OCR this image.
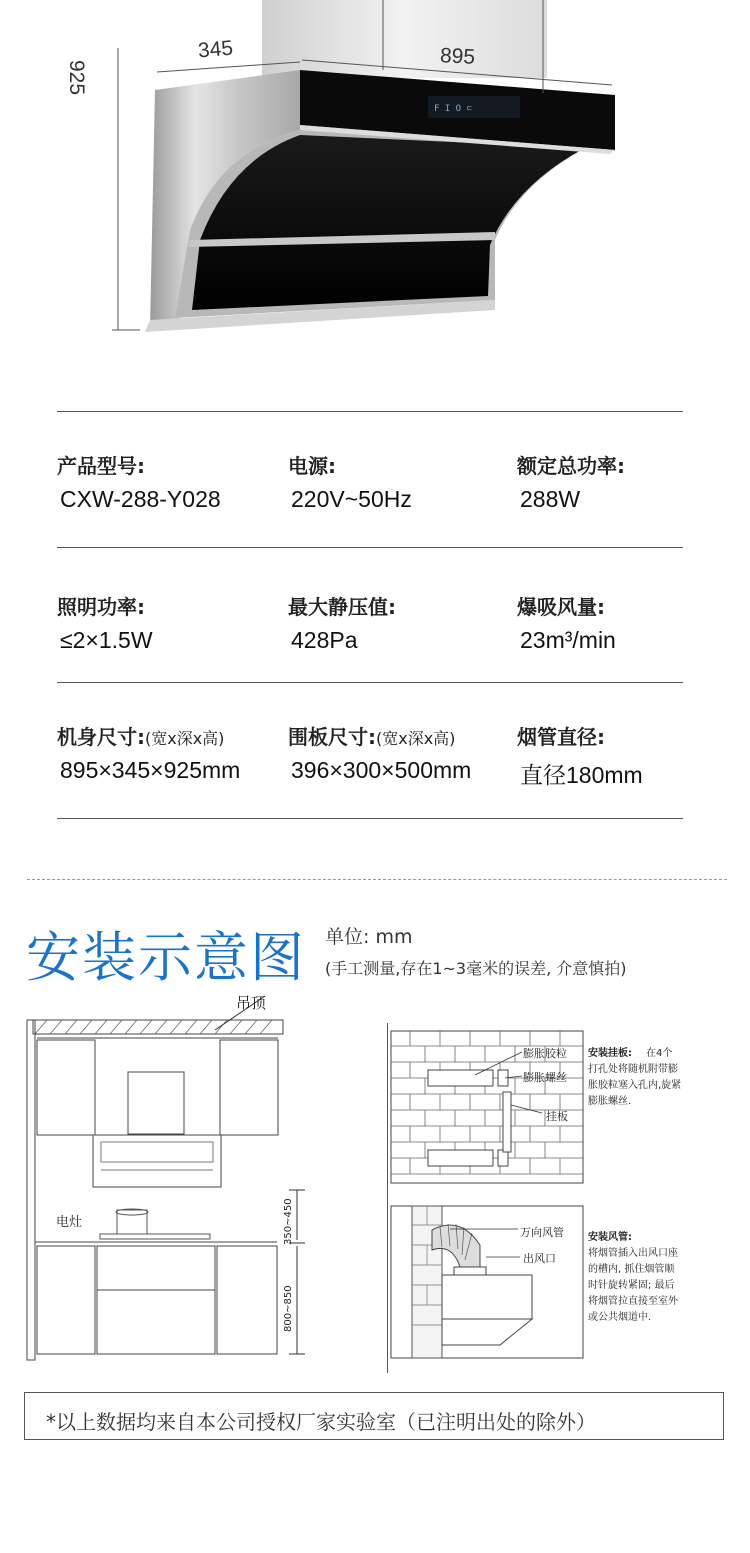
F I O ⊂
345	895
925
产品型号:
CXW-288-Y028
电源:
220V~50Hz
额定总功率:
288W
照明功率:
≤2×1.5W
最大静压值:
428Pa
爆吸风量:
23m³/min
机身尺寸:(宽x深x高)
895×345×925mm
围板尺寸:(宽x深x高)
396×300×500mm
烟管直径:
直径180mm
安装示意图 单位: mm
(手工测量,存在1~3毫米的误差, 介意慎拍)
吊顶
电灶	350~450
800~850
膨胀胶粒
膨胀螺丝
挂板
安装挂板: 在4个
打孔处将随机附带膨
胀胶粒塞入孔内,旋紧
膨胀螺丝.
万向风管
出风口
安装风管:
将烟管插入出风口座
的槽内, 抓住烟管顺
时针旋转紧固; 最后
将烟管拉直接至室外
或公共烟道中.
*以上数据均来自本公司授权厂家实验室（已注明出处的除外）
